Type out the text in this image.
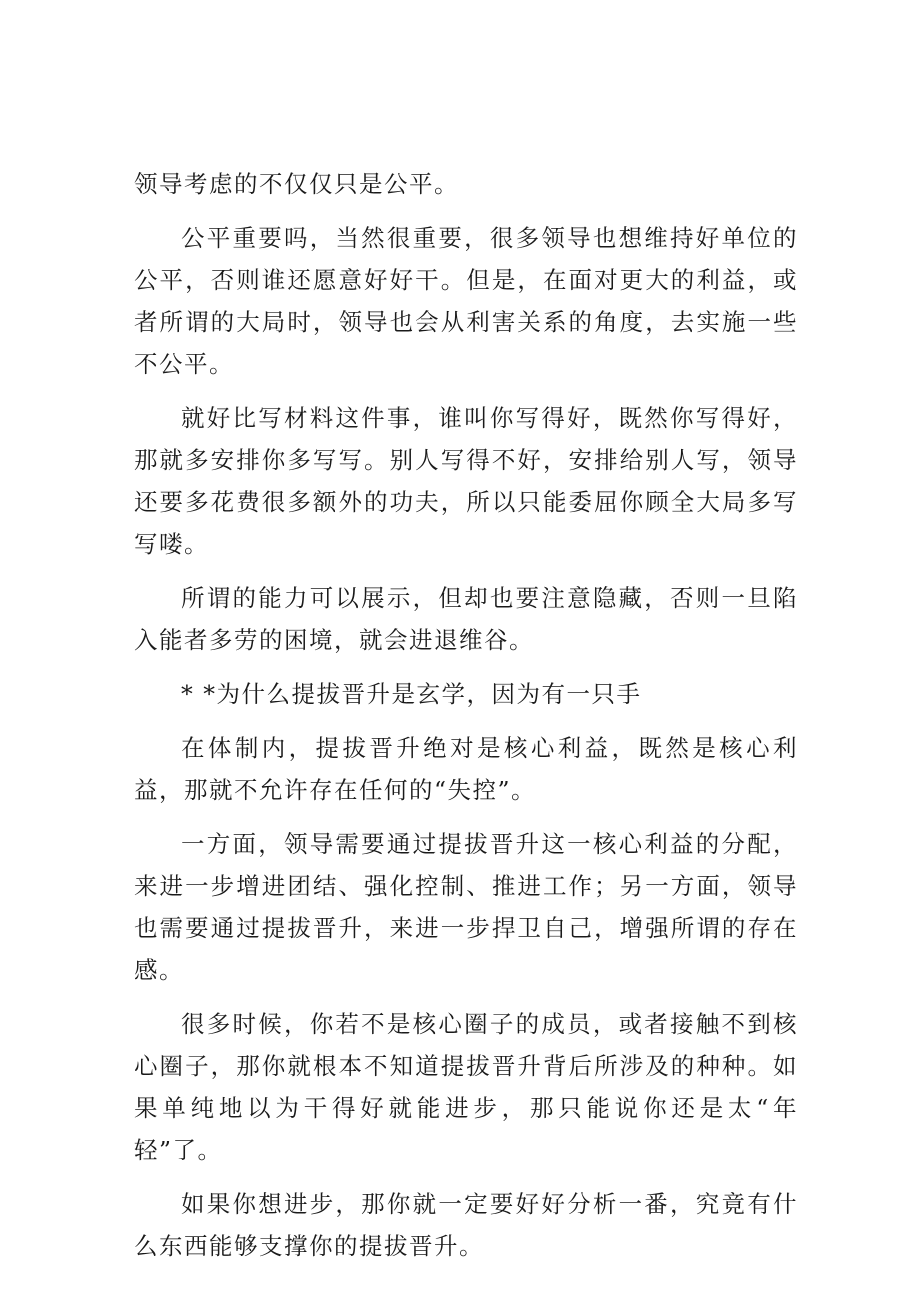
领导考虑的不仅仅只是公平。

公平重要吗，当然很重要，很多领导也想维持好单位的公平，否则谁还愿意好好干。但是，在面对更大的利益，或者所谓的大局时，领导也会从利害关系的角度，去实施一些不公平。

就好比写材料这件事，谁叫你写得好，既然你写得好，那就多安排你多写写。别人写得不好，安排给别人写，领导还要多花费很多额外的功夫，所以只能委屈你顾全大局多写写喽。

所谓的能力可以展示，但却也要注意隐藏，否则一旦陷入能者多劳的困境，就会进退维谷。

* *为什么提拔晋升是玄学，因为有一只手

在体制内，提拔晋升绝对是核心利益，既然是核心利益，那就不允许存在任何的“失控”。

一方面，领导需要通过提拔晋升这一核心利益的分配，来进一步增进团结、强化控制、推进工作；另一方面，领导也需要通过提拔晋升，来进一步捍卫自己，增强所谓的存在感。

很多时候，你若不是核心圈子的成员，或者接触不到核心圈子，那你就根本不知道提拔晋升背后所涉及的种种。如果单纯地以为干得好就能进步，那只能说你还是太“年轻”了。

如果你想进步，那你就一定要好好分析一番，究竟有什么东西能够支撑你的提拔晋升。
